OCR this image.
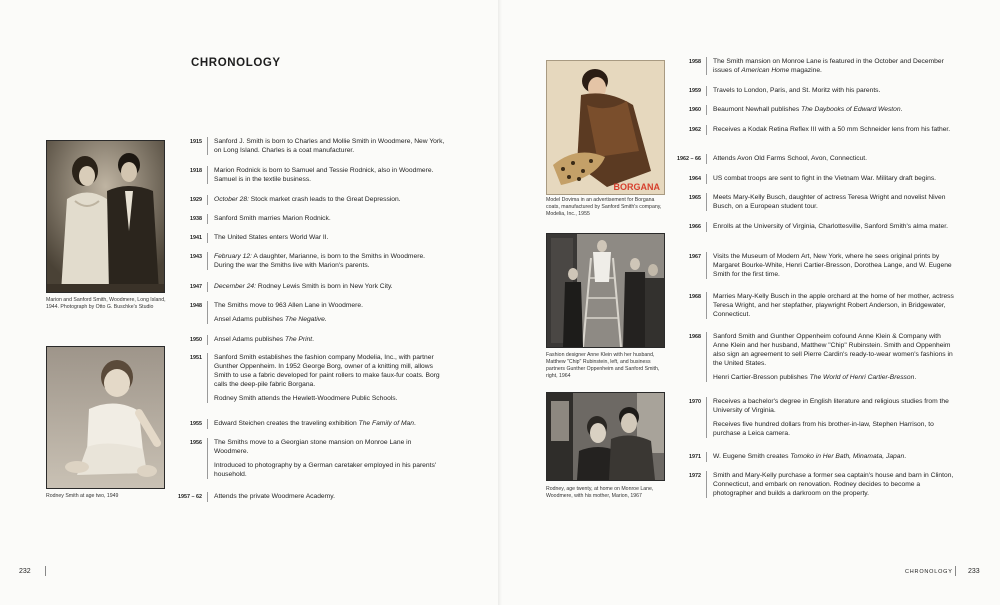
CHRONOLOGY
Marion and Sanford Smith, Woodmere, Long Island, 1944. Photograph by Otto G. Buschke's Studio
Rodney Smith at age two, 1949
BORGANA
Model Dovima in an advertisement for Borgana coats, manufactured by Sanford Smith's company, Modelia, Inc., 1955
Fashion designer Anne Klein with her husband, Matthew "Chip" Rubinstein, left, and business partners Gunther Oppenheim and Sanford Smith, right, 1964
Rodney, age twenty, at home on Monroe Lane, Woodmere, with his mother, Marion, 1967
1915	Sanford J. Smith is born to Charles and Mollie Smith in Woodmere, New York, on Long Island. Charles is a coat manufacturer.

1918	Marion Rodnick is born to Samuel and Tessie Rodnick, also in Woodmere. Samuel is in the textile business.

1929	October 28: Stock market crash leads to the Great Depression.

1938	Sanford Smith marries Marion Rodnick.

1941	The United States enters World War II.

1943	February 12: A daughter, Marianne, is born to the Smiths in Woodmere. During the war the Smiths live with Marion's parents.

1947	December 24: Rodney Lewis Smith is born in New York City.

1948	The Smiths move to 963 Allen Lane in Woodmere.

Ansel Adams publishes The Negative.

1950	Ansel Adams publishes The Print.

1951	Sanford Smith establishes the fashion company Modelia, Inc., with partner Gunther Oppenheim. In 1952 George Borg, owner of a knitting mill, allows Smith to use a fabric developed for paint rollers to make faux-fur coats. Borg calls the deep-pile fabric Borgana.

Rodney Smith attends the Hewlett-Woodmere Public Schools.

1955	Edward Steichen creates the traveling exhibition The Family of Man.

1956	The Smiths move to a Georgian stone mansion on Monroe Lane in Woodmere.

Introduced to photography by a German caretaker employed in his parents' household.

1957 – 62	Attends the private Woodmere Academy.

1958	The Smith mansion on Monroe Lane is featured in the October and December issues of American Home magazine.

1959	Travels to London, Paris, and St. Moritz with his parents.

1960	Beaumont Newhall publishes The Daybooks of Edward Weston.

1962	Receives a Kodak Retina Reflex III with a 50 mm Schneider lens from his father.

1962 – 66	Attends Avon Old Farms School, Avon, Connecticut.

1964	US combat troops are sent to fight in the Vietnam War. Military draft begins.

1965	Meets Mary-Kelly Busch, daughter of actress Teresa Wright and novelist Niven Busch, on a European student tour.

1966	Enrolls at the University of Virginia, Charlottesville, Sanford Smith's alma mater.

1967	Visits the Museum of Modern Art, New York, where he sees original prints by Margaret Bourke-White, Henri Cartier-Bresson, Dorothea Lange, and W. Eugene Smith for the first time.

1968	Marries Mary-Kelly Busch in the apple orchard at the home of her mother, actress Teresa Wright, and her stepfather, playwright Robert Anderson, in Bridgewater, Connecticut.

1968	Sanford Smith and Gunther Oppenheim cofound Anne Klein & Company with Anne Klein and her husband, Matthew "Chip" Rubinstein. Smith and Oppenheim also sign an agreement to sell Pierre Cardin's ready-to-wear women's fashions in the United States.

Henri Cartier-Bresson publishes The World of Henri Cartier-Bresson.

1970	Receives a bachelor's degree in English literature and religious studies from the University of Virginia.

Receives five hundred dollars from his brother-in-law, Stephen Harrison, to purchase a Leica camera.

1971	W. Eugene Smith creates Tomoko in Her Bath, Minamata, Japan.

1972	Smith and Mary-Kelly purchase a former sea captain's house and barn in Clinton, Connecticut, and embark on renovation. Rodney decides to become a photographer and builds a darkroom on the property.

232	CHRONOLOGY 233
